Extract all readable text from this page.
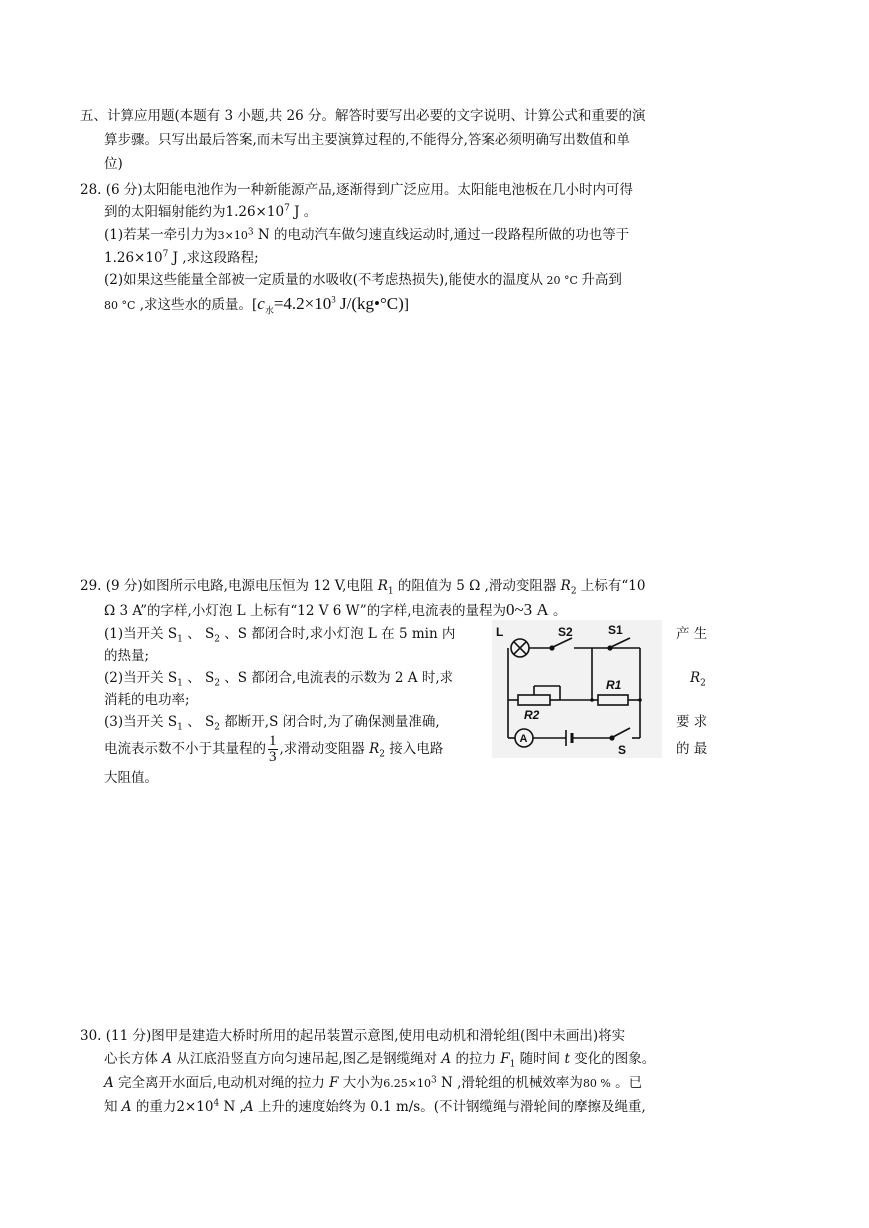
五、计算应用题(本题有 3 小题,共 26 分。解答时要写出必要的文字说明、计算公式和重要的演
算步骤。只写出最后答案,而未写出主要演算过程的,不能得分,答案必须明确写出数值和单
位)
28. (6 分)太阳能电池作为一种新能源产品,逐渐得到广泛应用。太阳能电池板在几小时内可得
到的太阳辐射能约为$1.26\times 10^7$ J 。
(1)若某一牵引力为$3\times 10^3$ N 的电动汽车做匀速直线运动时,通过一段路程所做的功也等于
$1.26\times 10^7$ J ,求这段路程;
(2)如果这些能量全部被一定质量的水吸收(不考虑热损失),能使水的温度从 20 °C 升高到
80 °C ,求这些水的质量。[$c_水=4.2\times 10^3$ J/(kg•°C)]
29. (9 分)如图所示电路,电源电压恒为 12 V,电阻 $R_1$ 的阻值为 5 Ω ,滑动变阻器 $R_2$ 上标有“10
Ω 3 A”的字样,小灯泡 L 上标有“12 V 6 W”的字样,电流表的量程为0~3 A 。
(1)当开关 $S_1$ 、 $S_2$ 、S 都闭合时,求小灯泡 L 在 5 min 内	产 生
的热量;
(2)当开关 $S_1$ 、 $S_2$ 、S 都闭合,电流表的示数为 2 A 时,求	$R_2$
消耗的电功率;
(3)当开关 $S_1$ 、 $S_2$ 都断开,S 闭合时,为了确保测量准确,	要 求
电流表示数不小于其量程的 $\frac{1}{3}$ ,求滑动变阻器 $R_2$ 接入电路	的 最
大阻值。
L	S2	S1
R2
R1
A
S
30. (11 分)图甲是建造大桥时所用的起吊装置示意图,使用电动机和滑轮组(图中未画出)将实
心长方体 A 从江底沿竖直方向匀速吊起,图乙是钢缆绳对 A 的拉力 $F_1$ 随时间 t 变化的图象。
A 完全离开水面后,电动机对绳的拉力 F 大小为$6.25\times 10^3$ N ,滑轮组的机械效率为80 % 。已
知 A 的重力$2\times 10^4$ N ,A 上升的速度始终为 0.1 m/s。(不计钢缆绳与滑轮间的摩擦及绳重,
